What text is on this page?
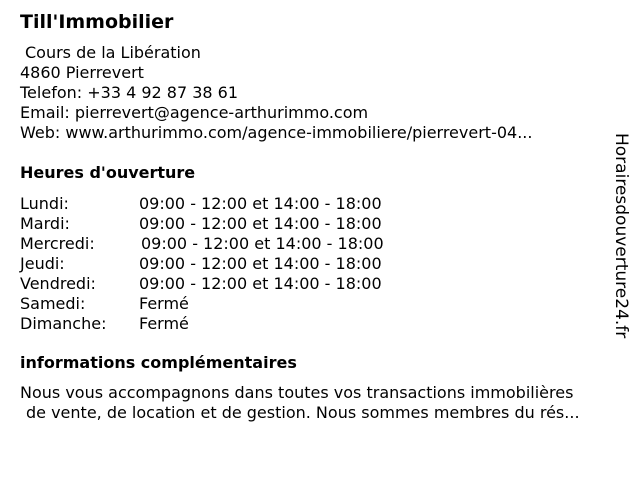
Till'Immobilier
Cours de la Libération
4860 Pierrevert
Telefon: +33 4 92 87 38 61
Email: pierrevert@agence-arthurimmo.com
Web: www.arthurimmo.com/agence-immobiliere/pierrevert-04...
Heures d'ouverture
Lundi:	09:00 - 12:00 et 14:00 - 18:00
Mardi:	09:00 - 12:00 et 14:00 - 18:00
Mercredi:	09:00 - 12:00 et 14:00 - 18:00
Jeudi:	09:00 - 12:00 et 14:00 - 18:00
Vendredi:	09:00 - 12:00 et 14:00 - 18:00
Samedi:	Fermé
Dimanche: Fermé
informations complémentaires
Nous vous accompagnons dans toutes vos transactions immobilières
de vente, de location et de gestion. Nous sommes membres du rés...
Horairesdouverture24.fr
